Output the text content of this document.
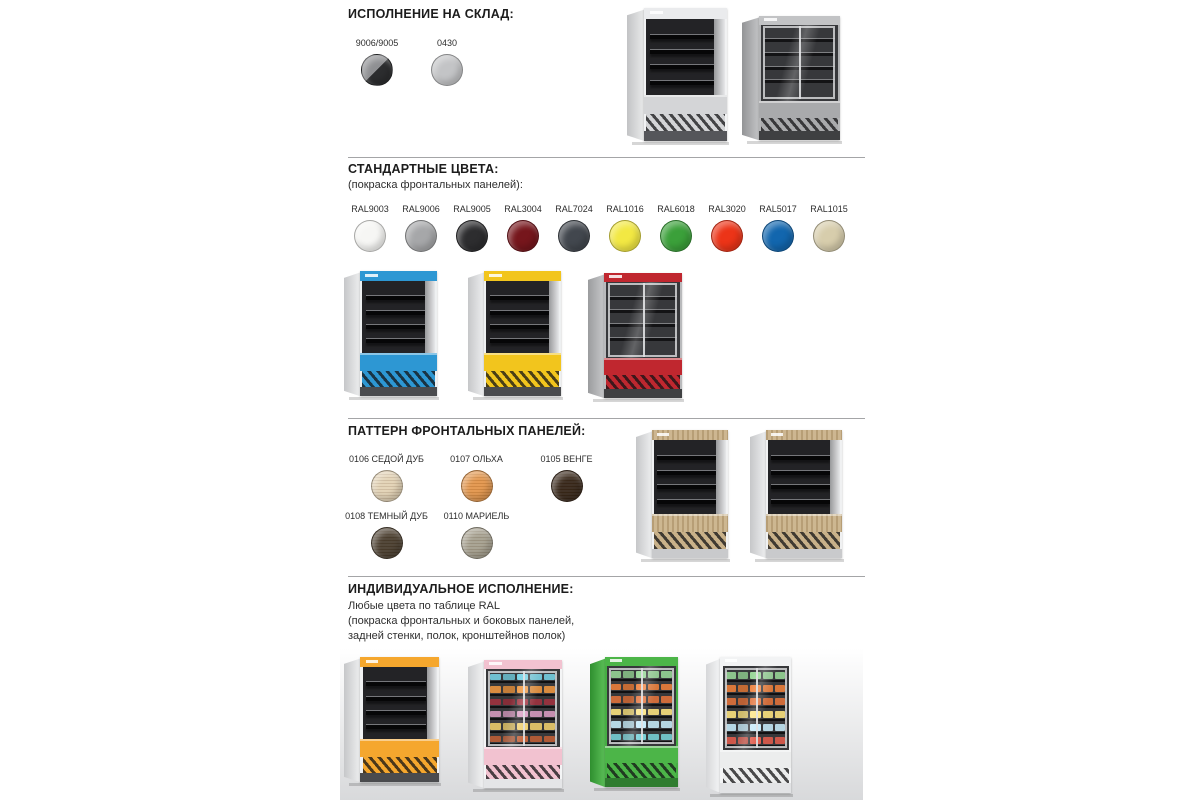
ИСПОЛНЕНИЕ НА СКЛАД:
9006/9005	0430
СТАНДАРТНЫЕ ЦВЕТА:
(покраска фронтальных панелей):
RAL9003 RAL9006 RAL9005 RAL3004 RAL7024 RAL1016 RAL6018 RAL3020 RAL5017 RAL1015
ПАТТЕРН ФРОНТАЛЬНЫХ ПАНЕЛЕЙ:
0106 СЕДОЙ ДУБ	0107 ОЛЬХА	0105 ВЕНГЕ
0108 ТЕМНЫЙ ДУБ 0110 МАРИЕЛЬ
ИНДИВИДУАЛЬНОЕ ИСПОЛНЕНИЕ:
Любые цвета по таблице RAL
(покраска фронтальных и боковых панелей,
задней стенки, полок, кронштейнов полок)
